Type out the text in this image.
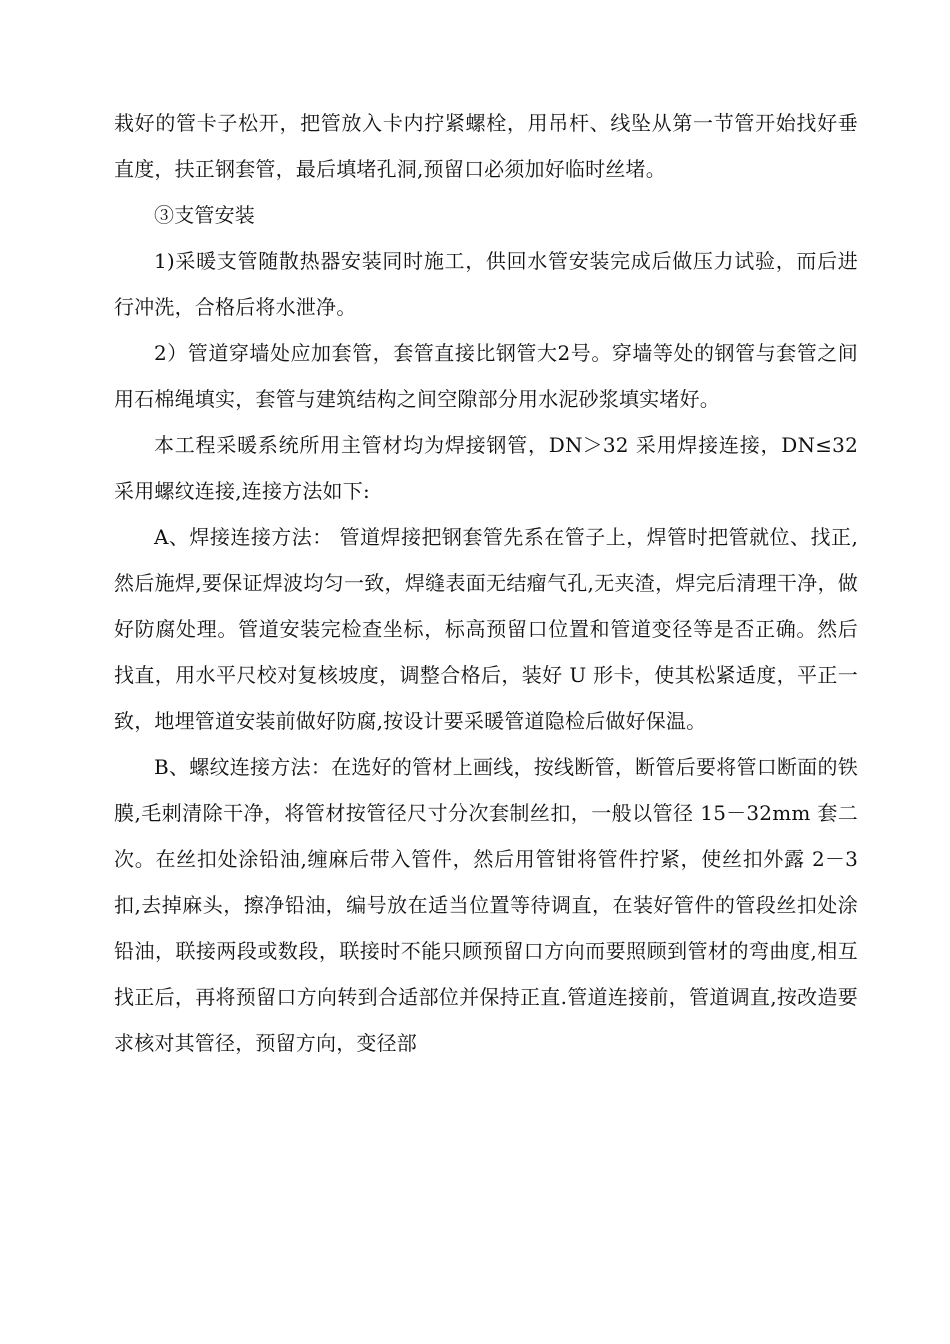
栽好的管卡子松开，把管放入卡内拧紧螺栓，用吊杆、线坠从第一节管开始找好垂直度，扶正钢套管，最后填堵孔洞,预留口必须加好临时丝堵。

③支管安装

1)采暖支管随散热器安装同时施工，供回水管安装完成后做压力试验，而后进行冲洗，合格后将水泄净。

2）管道穿墙处应加套管，套管直接比钢管大2号。穿墙等处的钢管与套管之间用石棉绳填实，套管与建筑结构之间空隙部分用水泥砂浆填实堵好。

本工程采暖系统所用主管材均为焊接钢管，DN＞32 采用焊接连接，DN≤32采用螺纹连接,连接方法如下:

A、焊接连接方法： 管道焊接把钢套管先系在管子上，焊管时把管就位、找正,然后施焊,要保证焊波均匀一致，焊缝表面无结瘤气孔,无夹渣，焊完后清理干净，做好防腐处理。管道安装完检查坐标，标高预留口位置和管道变径等是否正确。然后找直，用水平尺校对复核坡度，调整合格后，装好 U 形卡，使其松紧适度，平正一致，地埋管道安装前做好防腐,按设计要采暖管道隐检后做好保温。

B、螺纹连接方法：在选好的管材上画线，按线断管，断管后要将管口断面的铁膜,毛刺清除干净，将管材按管径尺寸分次套制丝扣，一般以管径 15－32mm 套二次。在丝扣处涂铅油,缠麻后带入管件，然后用管钳将管件拧紧，使丝扣外露 2－3 扣,去掉麻头，擦净铅油，编号放在适当位置等待调直，在装好管件的管段丝扣处涂铅油，联接两段或数段，联接时不能只顾预留口方向而要照顾到管材的弯曲度,相互找正后，再将预留口方向转到合适部位并保持正直.管道连接前，管道调直,按改造要求核对其管径，预留方向，变径部
